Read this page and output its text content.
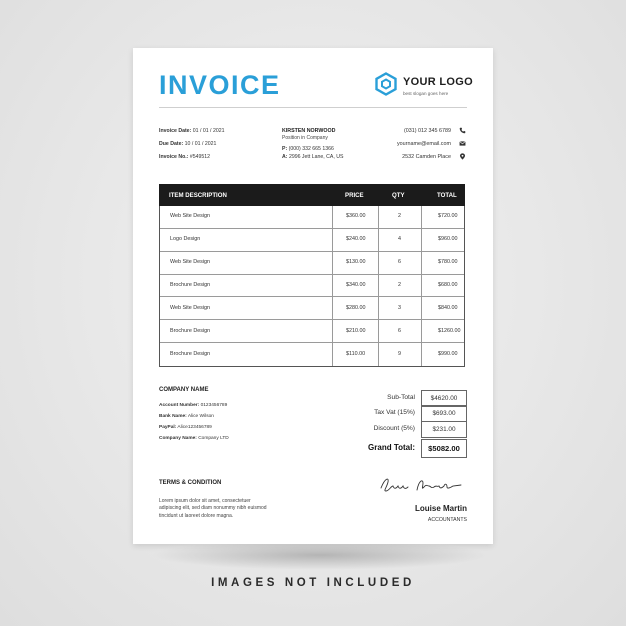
INVOICE	YOUR LOGO
best slogan goes here
Invoice Date: 01 / 01 / 2021
Due Date: 10 / 01 / 2021
Invoice No.: #549512
KIRSTEN NORWOOD
Position in Company
P: (000) 332 665 1366
A: 2996 Jett Lane, CA, US
(031) 012 345 6789
yourname@email.com
2532 Camden Place
ITEM DESCRIPTION	PRICE	QTY	TOTAL
Web Site Design	$360.00	2	$720.00
Logo Design	$240.00	4	$960.00
Web Site Design	$130.00	6	$780.00
Brochure Design	$340.00	2	$680.00
Web Site Design	$280.00	3	$840.00
Brochure Design	$210.00	6	$1260.00
Brochure Design	$110.00	9	$990.00
COMPANY NAME
Account Number: 0123456789
Bank Name: Alice Wilson
PayPal: Alice123456789
Company Name: Company LTD
Sub-Total	$4620.00
Tax Vat (15%)	$693.00
Discount (5%)	$231.00
Grand Total:	$5082.00
TERMS & CONDITION
Lorem ipsum dolor sit amet, consectetuer adipiscing elit, sed diam nonummy nibh euismod tincidunt ut laoreet dolore magna.
Louise Martin
ACCOUNTANTS
IMAGES NOT INCLUDED
